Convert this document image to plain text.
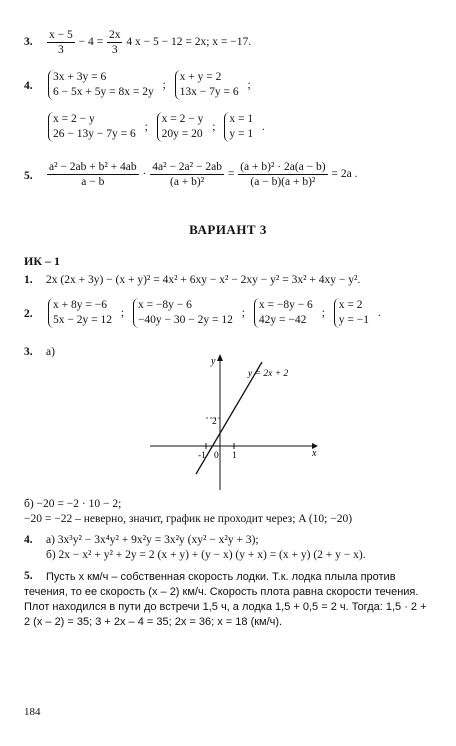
3. $\frac{x - 5}{3} - 4 = \frac{2x}{3} 4$ x − 5 − 12 = 2x; x = −17.
4.
3x + 3y = 6
6 − 5x + 5y = 8x = 2y
;
x + y = 2
13x − 7y = 6
;
x = 2 − y
26 − 13y − 7y = 6
;
x = 2 − y
20y = 20
;
x = 1
y = 1
.
5. $\frac{\text{a² − 2ab + b² + 4ab}}{a - b} \cdot \frac{\text{4a² − 2a² − 2ab}}{\text{(a + b)²}} = \frac{\text{(a + b)² · 2a(a − b)}}{\text{(a − b)(a + b)²}} = 2a$ .
ВАРИАНТ 3
ИК – 1
1. 2x (2x + 3y) − (x + y)² = 4x² + 6xy − x² − 2xy − y² = 3x² + 4xy − y².
2.
x + 8y = −6
5x − 2y = 12
;
x = −8y − 6
−40y − 30 − 2y = 12
;
x = −8y − 6
42y = −42
;
x = 2
y = −1
.
3. а)
y
x
y = 2x + 2
2
-1 0 1
б) −20 = −2 · 10 − 2;
−20 = −22 – неверно, значит, график не проходит через; A (10; −20)
4. а) 3x³y² − 3x⁴y² + 9x²y = 3x²y (xy² − x²y + 3);
б) 2x − x² + y² + 2y = 2 (x + y) + (y − x) (y + x) = (x + y) (2 + y − x).
5.	Пусть x км/ч – собственная скорость лодки. Т.к. лодка плыла против течения, то ее скорость (x – 2) км/ч. Скорость плота равна скорости течения. Плот находился в пути до встречи 1,5 ч, а лодка 1,5 + 0,5 = 2 ч. Тогда: 1,5 · 2 + 2 (x – 2) = 35; 3 + 2x – 4 = 35; 2x = 36; x = 18 (км/ч).
184
